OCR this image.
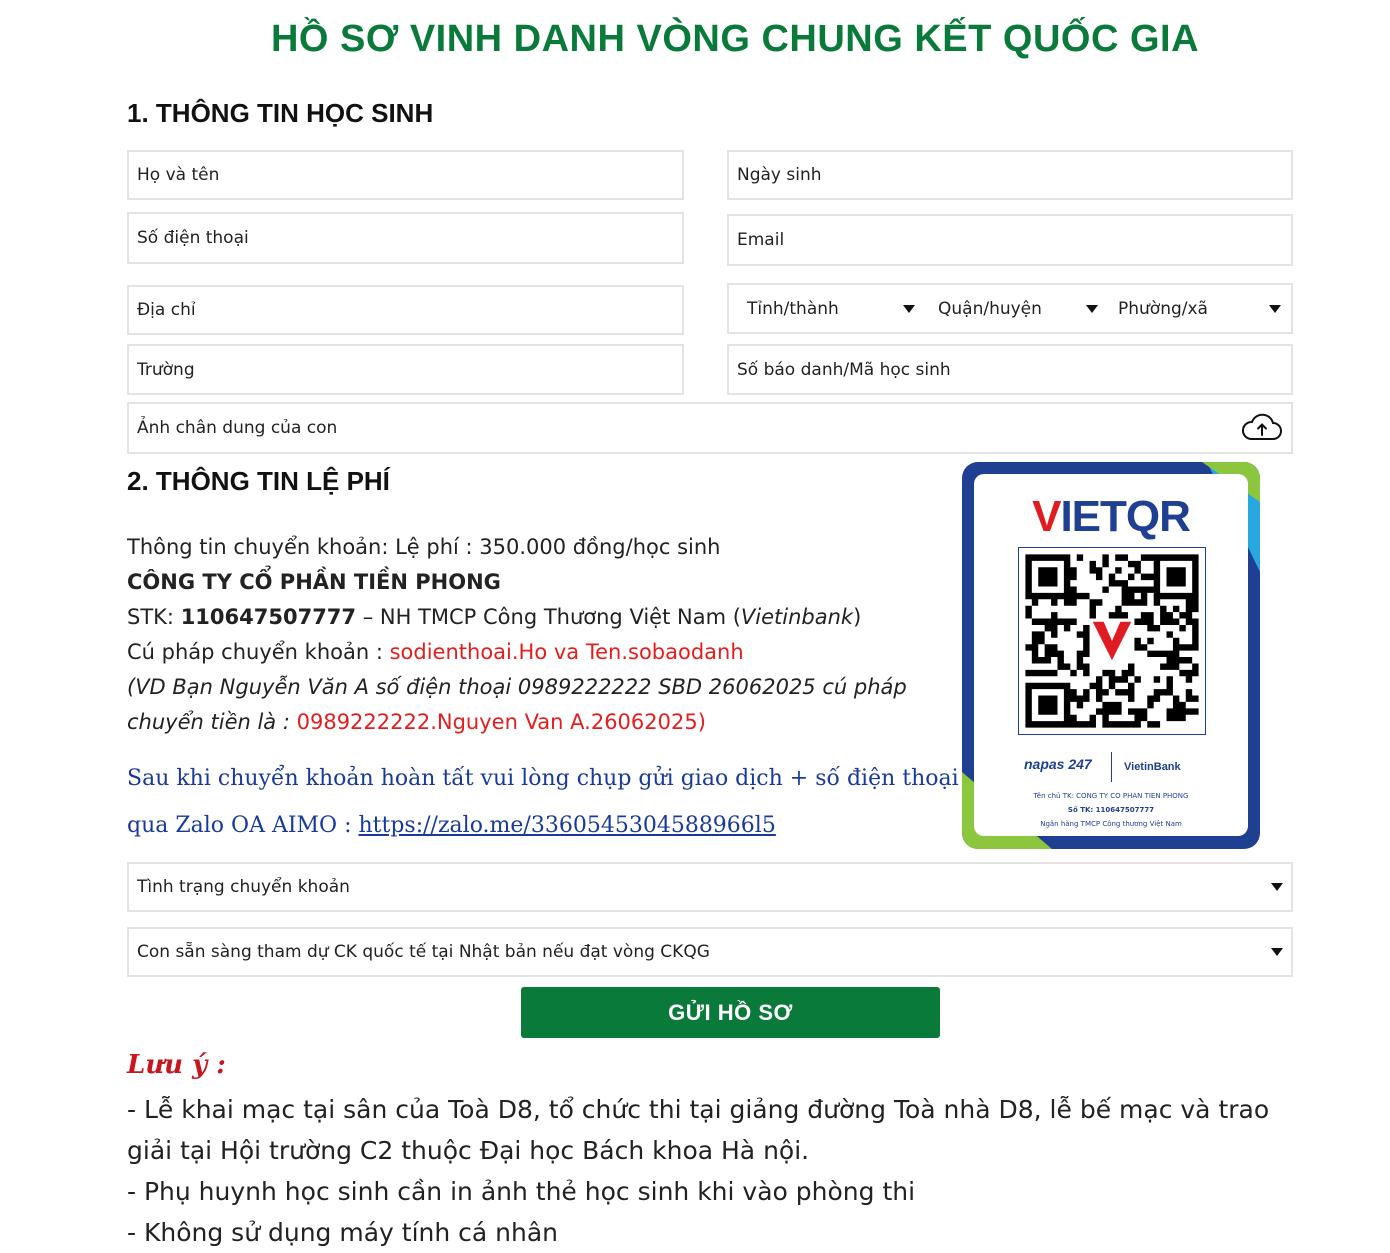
HỒ SƠ VINH DANH VÒNG CHUNG KẾT QUỐC GIA
1. THÔNG TIN HỌC SINH
Họ và tên
Ngày sinh
Số điện thoại
Email
Địa chỉ
Tỉnh/thành	Quận/huyện	Phường/xã
Trường
Số báo danh/Mã học sinh
Ảnh chân dung của con
2. THÔNG TIN LỆ PHÍ
Thông tin chuyển khoản: Lệ phí : 350.000 đồng/học sinh
CÔNG TY CỔ PHẦN TIỀN PHONG
STK: 110647507777 – NH TMCP Công Thương Việt Nam (Vietinbank)
Cú pháp chuyển khoản : sodienthoai.Ho va Ten.sobaodanh
(VD Bạn Nguyễn Văn A số điện thoại 0989222222 SBD 26062025 cú pháp
chuyển tiền là : 0989222222.Nguyen Van A.26062025)
Sau khi chuyển khoản hoàn tất vui lòng chụp gửi giao dịch + số điện thoại qua Zalo OA AIMO : https://zalo.me/3360545304588966l5
VIETQR
napas 247	VietinBank
Tên chủ TK: CONG TY CO PHAN TIEN PHONG
Số TK: 110647507777
Ngân hàng TMCP Công thương Việt Nam
Tình trạng chuyển khoản
Con sẵn sàng tham dự CK quốc tế tại Nhật bản nếu đạt vòng CKQG
GỬI HỒ SƠ
Lưu ý :
- Lễ khai mạc tại sân của Toà D8, tổ chức thi tại giảng đường Toà nhà D8, lễ bế mạc và trao giải tại Hội trường C2 thuộc Đại học Bách khoa Hà nội.
- Phụ huynh học sinh cần in ảnh thẻ học sinh khi vào phòng thi
- Không sử dụng máy tính cá nhân
